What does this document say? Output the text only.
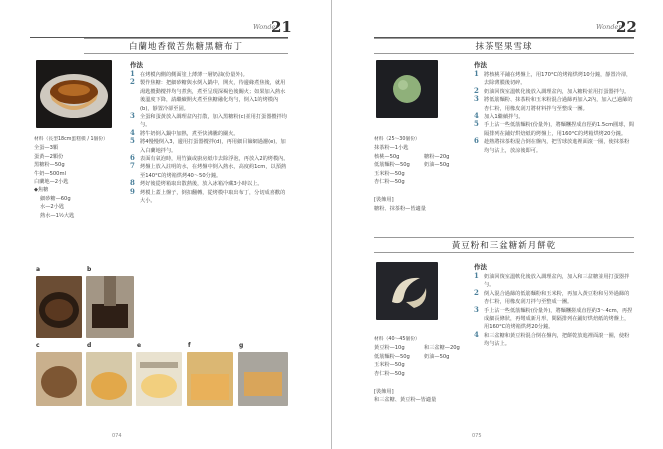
Wonder
21
白蘭地香微苦焦糖黑糖布丁
材料（長型18cm蛋糕模 / 1個份）
全蛋—3顆
蛋黃—2顆份
黑糖粉—50g
牛奶—500ml
白蘭地—2小匙
◆焦糖
細砂糖—60g
水—2小匙
熱水—1½大匙
作法
1 在烤模內側的側面塗上薄薄一層奶油(份量外)。
2 製作焦糖：把細砂糖與水倒入鍋中，開火，待邊緣煮焦後，就用湯匙攪動攪拌均勻煮焦，煮至呈現深褐色後關火；如果加入熱水後溫度下降，請繼續開火煮至焦糖融化均勻，倒入1的烤模內(b)，靜置冷卻至固。
3 全蛋和蛋黃放入調理盆內打散，加入黑糖粉(c)並用打蛋器攪拌均勻。
4 將牛奶倒入鍋中加熱，煮至快沸騰的關火。
5 將4慢慢倒入3，邊用打蛋器攪拌(d)，再用細目篩網過濾(e)，加入白蘭地拌勻。
6 表面有氣泡時，用竹籤或廚房紙巾去除浮泡，再放入2的烤模內。
7 烤盤上放入註明的水，在烤盤中倒入熱水，高度約1cm，以預熱至140°C的烤箱烘烤40～50分鐘。
8 烤好後從烤箱取出散熱後，放入冰箱冷藏3小時以上。
9 烤模上蓋上盤子，倒扣翻轉，從烤模中取出布丁，分切成喜歡的大小。
a	b
c	d	e	f	g
074
Wonder
22
抹茶堅果雪球
材料（25～30個份）
抹茶粉—1小匙
核桃—50g	糖粉—20g
低筋麵粉—50g	奶油—50g
玉米粉—50g
杏仁粉—50g
[裝飾用]
糖粉、抹茶粉—皆適量
作法
1 將核桃平鋪在烤盤上，用170°C的烤箱烘烤10分鐘，靜置冷卻，去除薄膜後切碎。
2 奶油回復室溫軟化後放入調理盆內，加入糖粉並用打蛋器拌勻。
3 將低筋麵粉、抹茶粉和玉米粉混合過篩再加入2內，加入已過篩的杏仁粉，用橡皮刮刀將材料拌勻至整成一團。
4 加入1繼續拌勻。
5 手上沾一些低筋麵粉(份量外)，將麵糰捏成直徑約1.5cm圓球，間隔排列在鋪好烘焙紙的烤盤上，用160°C的烤箱烘烤20分鐘。
6 趁熱將抹茶粉混合倒在盤內，把雪球放進裡面滾一圈，使抹茶粉均勻沾上，放涼後即可。
黃豆粉和三盆糖新月餅乾
材料（40～45個份）
黃豆粉—10g	和三盆糖—20g
低筋麵粉—50g	奶油—50g
玉米粉—50g
杏仁粉—50g
[裝飾用]
和三盆糖、黃豆粉—皆適量
作法
1 奶油回復室溫軟化後放入調理盆內，加入和三盆糖並用打蛋器拌勻。
2 倒入混合過篩的低筋麵粉和玉米粉，再加入黃豆粉和另外過篩的杏仁粉，用橡皮刮刀拌勻至整成一團。
3 手上沾一些低筋麵粉(份量外)，將麵糰搓成直徑約3～4cm，再捏成細長條狀，再彎成新月形，間隔排列在鋪好烘焙紙的烤盤上，用160°C的烤箱烘烤20分鐘。
4 和三盆糖和黃豆粉混合倒在盤內，把餅乾放進裡面滾一圈，使粉均勻沾上。
075
